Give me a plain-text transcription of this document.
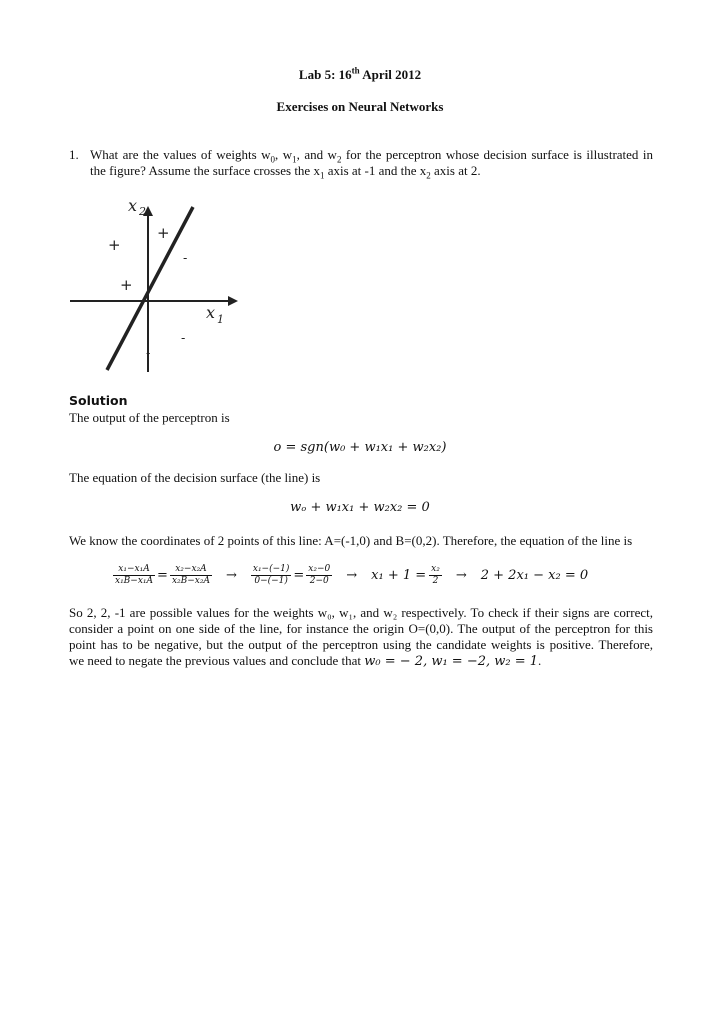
Lab 5: 16th April 2012
Exercises on Neural Networks
1. What are the values of weights $w_0$, $w_1$, and $w_2$ for the perceptron whose decision surface is illustrated in
the figure? Assume the surface crosses the $x_1$ axis at -1 and the $x_2$ axis at 2.
x 2
x 1
+
+
+
-
-
-
Solution
The output of the perceptron is
o = sgn(w₀ + w₁x₁ + w₂x₂)
The equation of the decision surface (the line) is
wₒ + w₁x₁ + w₂x₂ = 0
We know the coordinates of 2 points of this line: A=(-1,0) and B=(0,2). Therefore, the equation of the line is
$\frac{\text{x₁−x₁A}}{\text{x₁B−x₁A}} = \frac{\text{x₂−x₂A}}{\text{x₂B−x₂A}} \to \frac{\text{x₁−(−1)}}{0-(-1)} = \frac{\text{x₂−0}}{2-0} \to x_1 + 1 = \frac{\text{x₂}}{2} \to 2 + 2x_1 - x_2 = 0$
So 2, 2, -1 are possible values for the weights w₀, w₁, and w₂ respectively. To check if their signs are correct,
consider a point on one side of the line, for instance the origin O=(0,0). The output of the perceptron for this
point has to be negative, but the output of the perceptron using the candidate weights is positive. Therefore,
we need to negate the previous values and conclude that w₀ = − 2, w₁ = −2, w₂ = 1.
